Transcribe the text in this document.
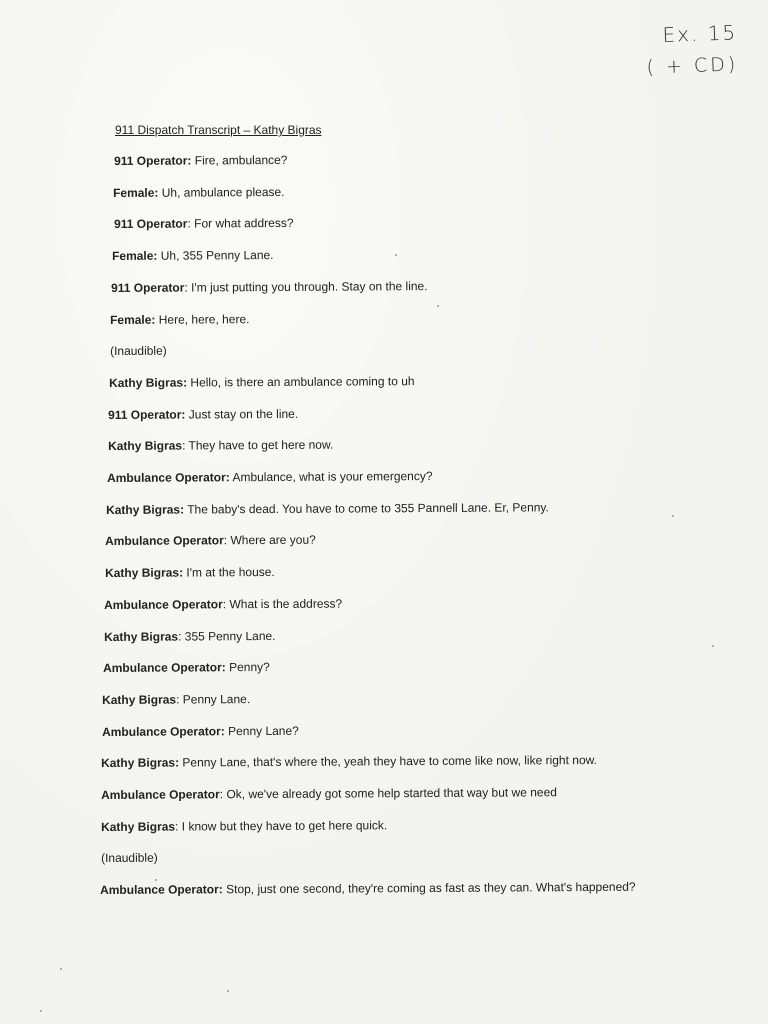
Ex. 15
( + CD)
911 Dispatch Transcript – Kathy Bigras
911 Operator: Fire, ambulance?
Female: Uh, ambulance please.
911 Operator: For what address?
Female: Uh, 355 Penny Lane.
911 Operator: I'm just putting you through. Stay on the line.
Female: Here, here, here.
(Inaudible)
Kathy Bigras: Hello, is there an ambulance coming to uh
911 Operator: Just stay on the line.
Kathy Bigras: They have to get here now.
Ambulance Operator: Ambulance, what is your emergency?
Kathy Bigras: The baby's dead. You have to come to 355 Pannell Lane. Er, Penny.
Ambulance Operator: Where are you?
Kathy Bigras: I'm at the house.
Ambulance Operator: What is the address?
Kathy Bigras: 355 Penny Lane.
Ambulance Operator: Penny?
Kathy Bigras: Penny Lane.
Ambulance Operator: Penny Lane?
Kathy Bigras: Penny Lane, that's where the, yeah they have to come like now, like right now.
Ambulance Operator: Ok, we've already got some help started that way but we need
Kathy Bigras: I know but they have to get here quick.
(Inaudible)
Ambulance Operator: Stop, just one second, they're coming as fast as they can. What's happened?
